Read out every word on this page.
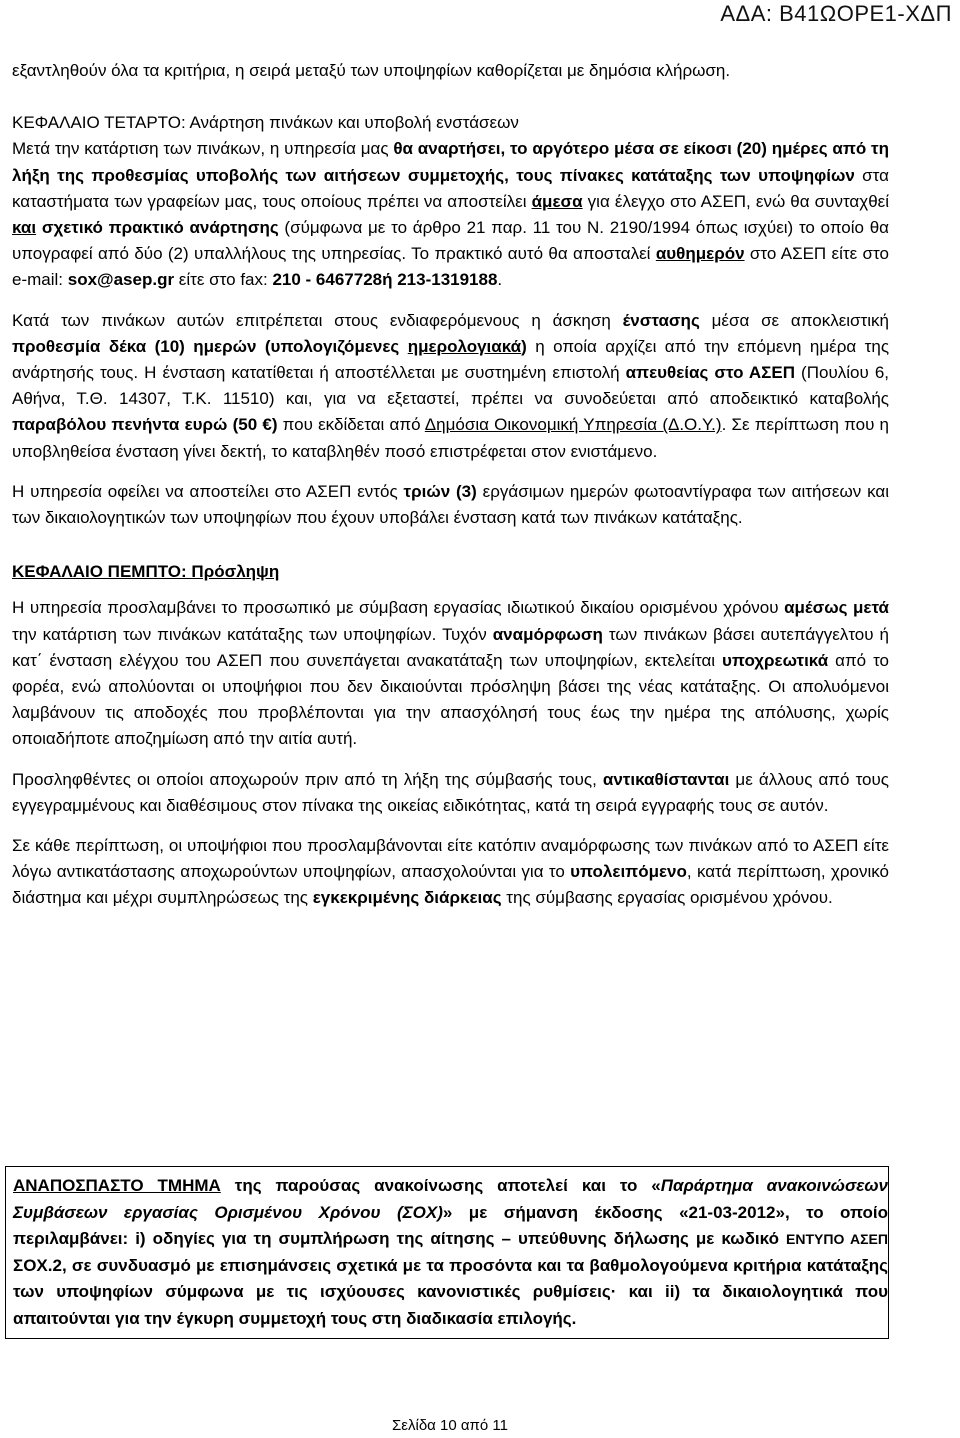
ΑΔΑ: Β41ΩΟΡΕ1-ΧΔΠ

εξαντληθούν όλα τα κριτήρια, η σειρά μεταξύ των υποψηφίων καθορίζεται με δημόσια κλήρωση.

ΚΕΦΑΛΑΙΟ ΤΕΤΑΡΤΟ: Ανάρτηση πινάκων και υποβολή ενστάσεων

Μετά την κατάρτιση των πινάκων, η υπηρεσία μας θα αναρτήσει, το αργότερο μέσα σε είκοσι (20) ημέρες από τη λήξη της προθεσμίας υποβολής των αιτήσεων συμμετοχής, τους πίνακες κατάταξης των υποψηφίων στα καταστήματα των γραφείων μας, τους οποίους πρέπει να αποστείλει άμεσα για έλεγχο στο ΑΣΕΠ, ενώ θα συνταχθεί και σχετικό πρακτικό ανάρτησης (σύμφωνα με το άρθρο 21 παρ. 11 του Ν. 2190/1994 όπως ισχύει) το οποίο θα υπογραφεί από δύο (2) υπαλλήλους της υπηρεσίας. Το πρακτικό αυτό θα αποσταλεί αυθημερόν στο ΑΣΕΠ είτε στο e-mail: sox@asep.gr είτε στο fax: 210 - 6467728ή 213-1319188.

Κατά των πινάκων αυτών επιτρέπεται στους ενδιαφερόμενους η άσκηση ένστασης μέσα σε αποκλειστική προθεσμία δέκα (10) ημερών (υπολογιζόμενες ημερολογιακά) η οποία αρχίζει από την επόμενη ημέρα της ανάρτησής τους. Η ένσταση κατατίθεται ή αποστέλλεται με συστημένη επιστολή απευθείας στο ΑΣΕΠ (Πουλίου 6, Αθήνα, Τ.Θ. 14307, Τ.Κ. 11510) και, για να εξεταστεί, πρέπει να συνοδεύεται από αποδεικτικό καταβολής παραβόλου πενήντα ευρώ (50 €) που εκδίδεται από Δημόσια Οικονομική Υπηρεσία (Δ.Ο.Υ.). Σε περίπτωση που η υποβληθείσα ένσταση γίνει δεκτή, το καταβληθέν ποσό επιστρέφεται στον ενιστάμενο.

Η υπηρεσία οφείλει να αποστείλει στο ΑΣΕΠ εντός τριών (3) εργάσιμων ημερών φωτοαντίγραφα των αιτήσεων και των δικαιολογητικών των υποψηφίων που έχουν υποβάλει ένσταση κατά των πινάκων κατάταξης.

ΚΕΦΑΛΑΙΟ ΠΕΜΠΤΟ: Πρόσληψη

Η υπηρεσία προσλαμβάνει το προσωπικό με σύμβαση εργασίας ιδιωτικού δικαίου ορισμένου χρόνου αμέσως μετά την κατάρτιση των πινάκων κατάταξης των υποψηφίων. Τυχόν αναμόρφωση των πινάκων βάσει αυτεπάγγελτου ή κατ΄ ένσταση ελέγχου του ΑΣΕΠ που συνεπάγεται ανακατάταξη των υποψηφίων, εκτελείται υποχρεωτικά από το φορέα, ενώ απολύονται οι υποψήφιοι που δεν δικαιούνται πρόσληψη βάσει της νέας κατάταξης. Οι απολυόμενοι λαμβάνουν τις αποδοχές που προβλέπονται για την απασχόλησή τους έως την ημέρα της απόλυσης, χωρίς οποιαδήποτε αποζημίωση από την αιτία αυτή.

Προσληφθέντες οι οποίοι αποχωρούν πριν από τη λήξη της σύμβασής τους, αντικαθίστανται με άλλους από τους εγγεγραμμένους και διαθέσιμους στον πίνακα της οικείας ειδικότητας, κατά τη σειρά εγγραφής τους σε αυτόν.

Σε κάθε περίπτωση, οι υποψήφιοι που προσλαμβάνονται είτε κατόπιν αναμόρφωσης των πινάκων από το ΑΣΕΠ είτε λόγω αντικατάστασης αποχωρούντων υποψηφίων, απασχολούνται για το υπολειπόμενο, κατά περίπτωση, χρονικό διάστημα και μέχρι συμπληρώσεως της εγκεκριμένης διάρκειας της σύμβασης εργασίας ορισμένου χρόνου.

ΑΝΑΠΟΣΠΑΣΤΟ ΤΜΗΜΑ της παρούσας ανακοίνωσης αποτελεί και το «Παράρτημα ανακοινώσεων Συμβάσεων εργασίας Ορισμένου Χρόνου (ΣΟΧ)» με σήμανση έκδοσης «21-03-2012», το οποίο περιλαμβάνει: i) οδηγίες για τη συμπλήρωση της αίτησης – υπεύθυνης δήλωσης με κωδικό ΕΝΤΥΠΟ ΑΣΕΠ ΣΟΧ.2, σε συνδυασμό με επισημάνσεις σχετικά με τα προσόντα και τα βαθμολογούμενα κριτήρια κατάταξης των υποψηφίων σύμφωνα με τις ισχύουσες κανονιστικές ρυθμίσεις· και ii) τα δικαιολογητικά που απαιτούνται για την έγκυρη συμμετοχή τους στη διαδικασία επιλογής.

Σελίδα 10 από 11
